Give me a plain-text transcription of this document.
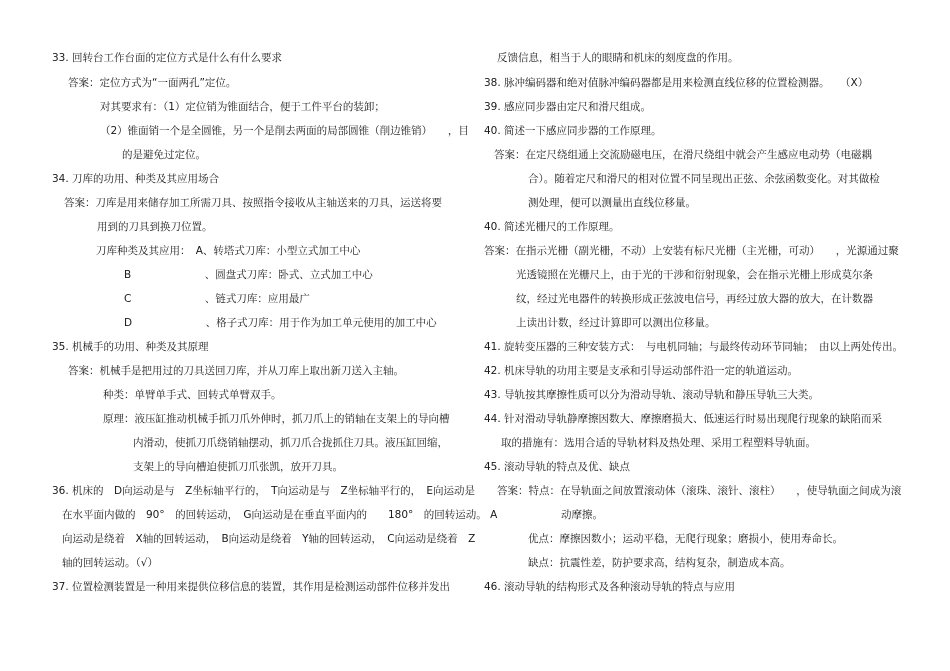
33. 回转台工作台面的定位方式是什么有什么要求
答案：定位方式为“一面两孔”定位。
对其要求有：（1）定位销为锥面结合，便于工件平台的装卸；
（2）锥面销一个是全圆锥，另一个是削去两面的局部圆锥（削边锥销）　　，目
的是避免过定位。
34. 刀库的功用、种类及其应用场合
答案：刀库是用来储存加工所需刀具、按照指令接收从主轴送来的刀具，运送将要
用到的刀具到换刀位置。
刀库种类及其应用：　A、转塔式刀库：小型立式加工中心
B　　　　　　　、圆盘式刀库：卧式、立式加工中心
C　　　　　　　、链式刀库：应用最广
D　　　　　　　、格子式刀库：用于作为加工单元使用的加工中心
35. 机械手的功用、种类及其原理
答案：机械手是把用过的刀具送回刀库，并从刀库上取出新刀送入主轴。
种类：单臂单手式、回转式单臂双手。
原理：液压缸推动机械手抓刀爪外伸时，抓刀爪上的销轴在支架上的导向槽
内滑动，使抓刀爪绕销轴摆动，抓刀爪合拢抓住刀具。液压缸回缩，
支架上的导向槽迫使抓刀爪张凯，放开刀具。
36. 机床的　D向运动是与　Z坐标轴平行的，　T向运动是与　Z坐标轴平行的，　E向运动是
在水平面内做的　90°　的回转运动，　G向运动是在垂直平面内的　　180°　的回转运动。 A
向运动是绕着　X轴的回转运动，　B向运动是绕着　Y轴的回转运动，　C向运动是绕着　Z
轴的回转运动。（√）
37. 位置检测装置是一种用来提供位移信息的装置，其作用是检测运动部件位移并发出
反馈信息，相当于人的眼睛和机床的刻度盘的作用。
38. 脉冲编码器和绝对值脉冲编码器都是用来检测直线位移的位置检测器。　　（X）
39. 感应同步器由定尺和滑尺组成。
40. 简述一下感应同步器的工作原理。
答案：在定尺绕组通上交流励磁电压，在滑尺绕组中就会产生感应电动势（电磁耦
合）。随着定尺和滑尺的相对位置不同呈现出正弦、余弦函数变化。对其做检
测处理，便可以测量出直线位移量。
40. 简述光栅尺的工作原理。
答案：在指示光栅（副光栅，不动）上安装有标尺光栅（主光栅，可动）　　，光源通过聚
光透镜照在光栅尺上，由于光的干涉和衍射现象，会在指示光栅上形成莫尔条
纹，经过光电器件的转换形成正弦波电信号，再经过放大器的放大，在计数器
上读出计数，经过计算即可以测出位移量。
41. 旋转变压器的三种安装方式：　与电机同轴；与最终传动环节同轴；　由以上两处传出。
42. 机床导轨的功用主要是支承和引导运动部件沿一定的轨道运动。
43. 导轨按其摩擦性质可以分为滑动导轨、滚动导轨和静压导轨三大类。
44. 针对滑动导轨静摩擦因数大、摩擦磨损大、低速运行时易出现爬行现象的缺陷而采
取的措施有：选用合适的导轨材料及热处理、采用工程塑料导轨面。
45. 滚动导轨的特点及优、缺点
答案：特点：在导轨面之间放置滚动体（滚珠、滚针、滚柱）　　，使导轨面之间成为滚
动摩擦。
优点：摩擦因数小；运动平稳，无爬行现象；磨损小，使用寿命长。
缺点：抗震性差，防护要求高，结构复杂，制造成本高。
46. 滚动导轨的结构形式及各种滚动导轨的特点与应用
